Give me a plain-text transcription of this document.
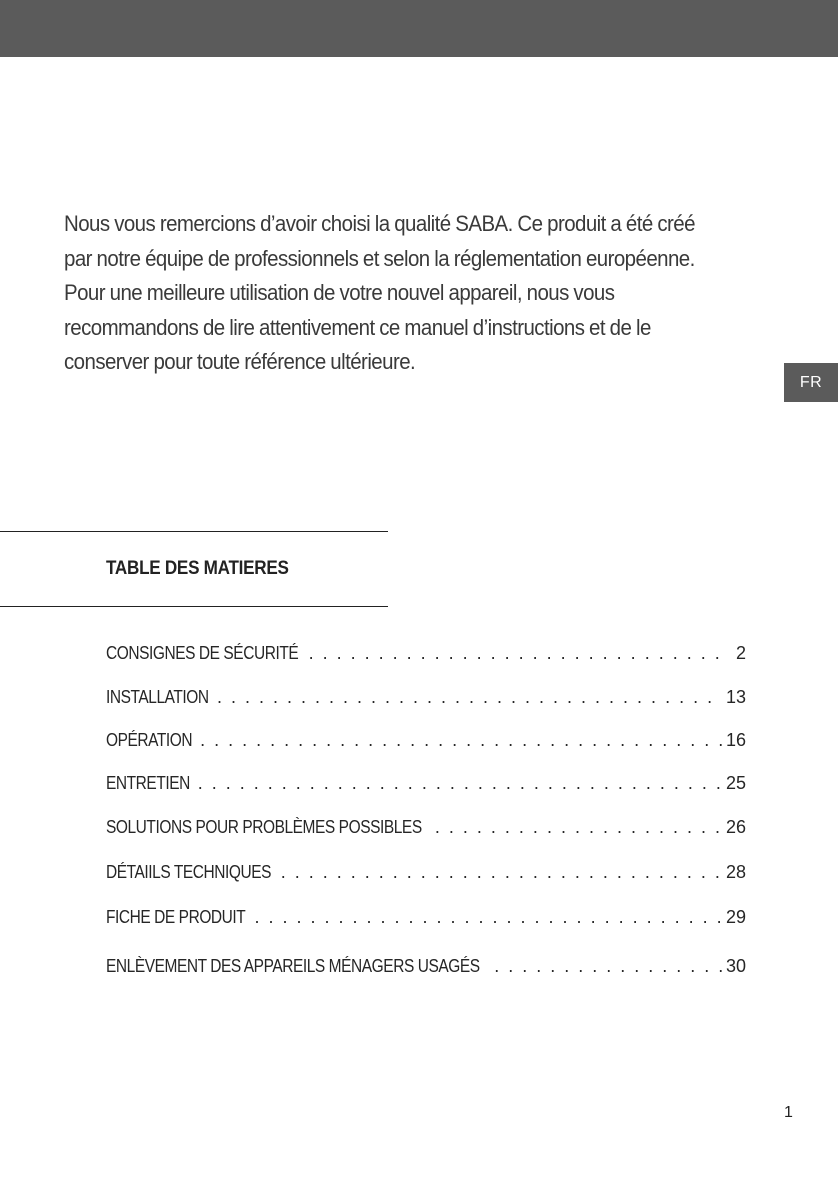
Nous vous remercions d’avoir choisi la qualité SABA. Ce produit a été créé par notre équipe de professionnels et selon la réglementation européenne. Pour une meilleure utilisation de votre nouvel appareil, nous vous recommandons de lire attentivement ce manuel d’instructions et de le conserver pour toute référence ultérieure.

FR
TABLE DES MATIERES
CONSIGNES DE SÉCURITÉ . . .	2
INSTALLATION . . .	13
OPÉRATION . . .	16
ENTRETIEN . . .	25
SOLUTIONS POUR PROBLÈMES POSSIBLES . . .	26
DÉTAIILS TECHNIQUES . . .	28
FICHE DE PRODUIT . . .	29
ENLÈVEMENT DES APPAREILS MÉNAGERS USAGÉS . . .	30
1
